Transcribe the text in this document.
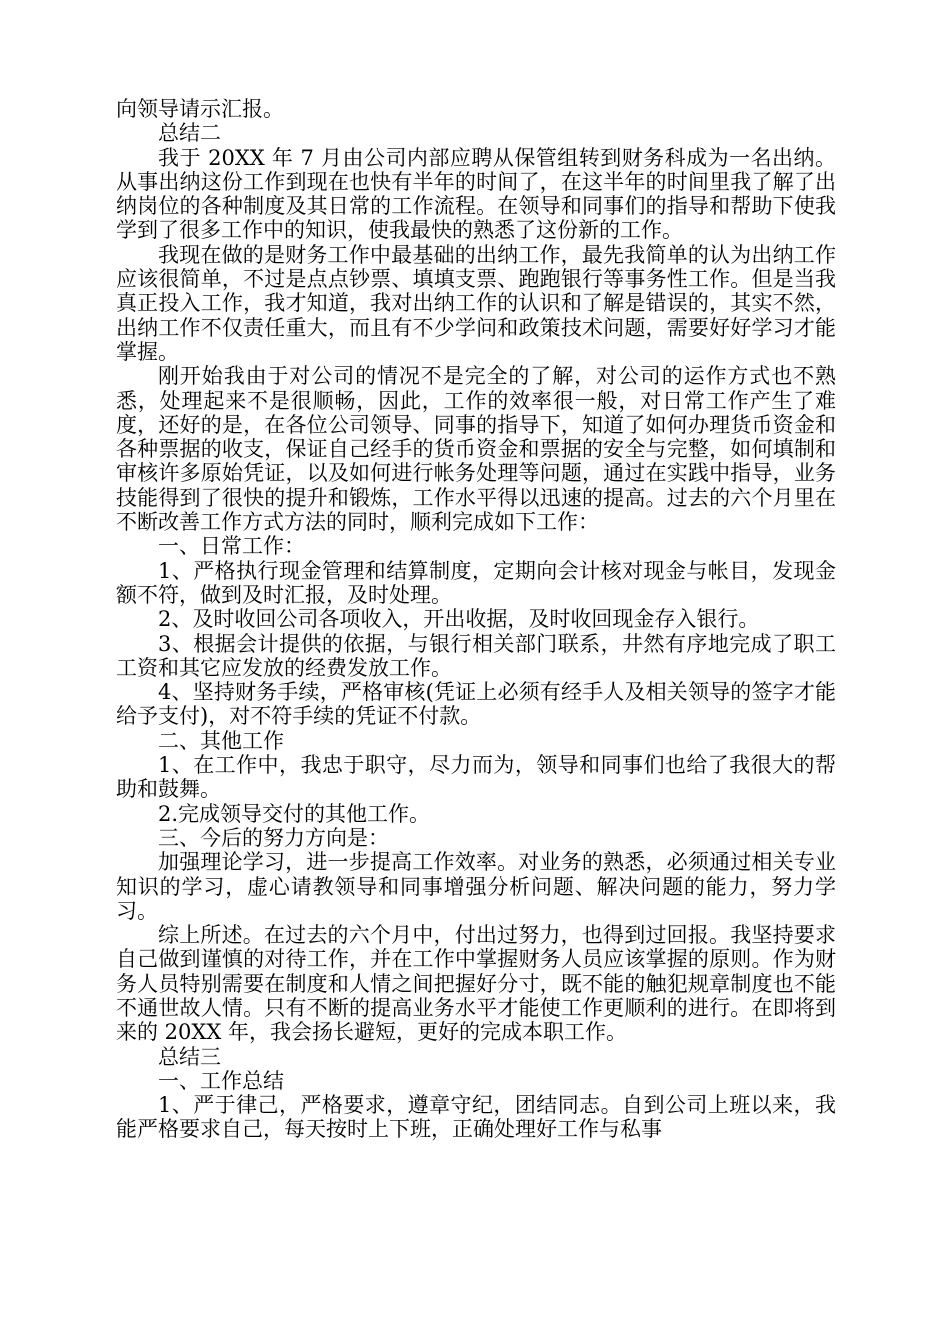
向领导请示汇报。

总结二

我于 20XX 年 7 月由公司内部应聘从保管组转到财务科成为一名出纳。从事出纳这份工作到现在也快有半年的时间了，在这半年的时间里我了解了出纳岗位的各种制度及其日常的工作流程。在领导和同事们的指导和帮助下使我学到了很多工作中的知识，使我最快的熟悉了这份新的工作。

我现在做的是财务工作中最基础的出纳工作，最先我简单的认为出纳工作应该很简单，不过是点点钞票、填填支票、跑跑银行等事务性工作。但是当我真正投入工作，我才知道，我对出纳工作的认识和了解是错误的，其实不然，出纳工作不仅责任重大，而且有不少学问和政策技术问题，需要好好学习才能掌握。

刚开始我由于对公司的情况不是完全的了解，对公司的运作方式也不熟悉，处理起来不是很顺畅，因此，工作的效率很一般，对日常工作产生了难度，还好的是，在各位公司领导、同事的指导下，知道了如何办理货币资金和各种票据的收支，保证自己经手的货币资金和票据的安全与完整，如何填制和审核许多原始凭证，以及如何进行帐务处理等问题，通过在实践中指导，业务技能得到了很快的提升和锻炼，工作水平得以迅速的提高。过去的六个月里在不断改善工作方式方法的同时，顺利完成如下工作：

一、日常工作：

1、严格执行现金管理和结算制度，定期向会计核对现金与帐目，发现金额不符，做到及时汇报，及时处理。

2、及时收回公司各项收入，开出收据，及时收回现金存入银行。

3、根据会计提供的依据，与银行相关部门联系，井然有序地完成了职工工资和其它应发放的经费发放工作。

4、坚持财务手续，严格审核(凭证上必须有经手人及相关领导的签字才能给予支付)，对不符手续的凭证不付款。

二、其他工作

1、在工作中，我忠于职守，尽力而为，领导和同事们也给了我很大的帮助和鼓舞。

2.完成领导交付的其他工作。

三、今后的努力方向是：

加强理论学习，进一步提高工作效率。对业务的熟悉，必须通过相关专业知识的学习，虚心请教领导和同事增强分析问题、解决问题的能力，努力学习。

综上所述。在过去的六个月中，付出过努力，也得到过回报。我坚持要求自己做到谨慎的对待工作，并在工作中掌握财务人员应该掌握的原则。作为财务人员特别需要在制度和人情之间把握好分寸，既不能的触犯规章制度也不能不通世故人情。只有不断的提高业务水平才能使工作更顺利的进行。在即将到来的 20XX 年，我会扬长避短，更好的完成本职工作。

总结三

一、工作总结

1、严于律己，严格要求，遵章守纪，团结同志。自到公司上班以来，我能严格要求自己，每天按时上下班，正确处理好工作与私事
